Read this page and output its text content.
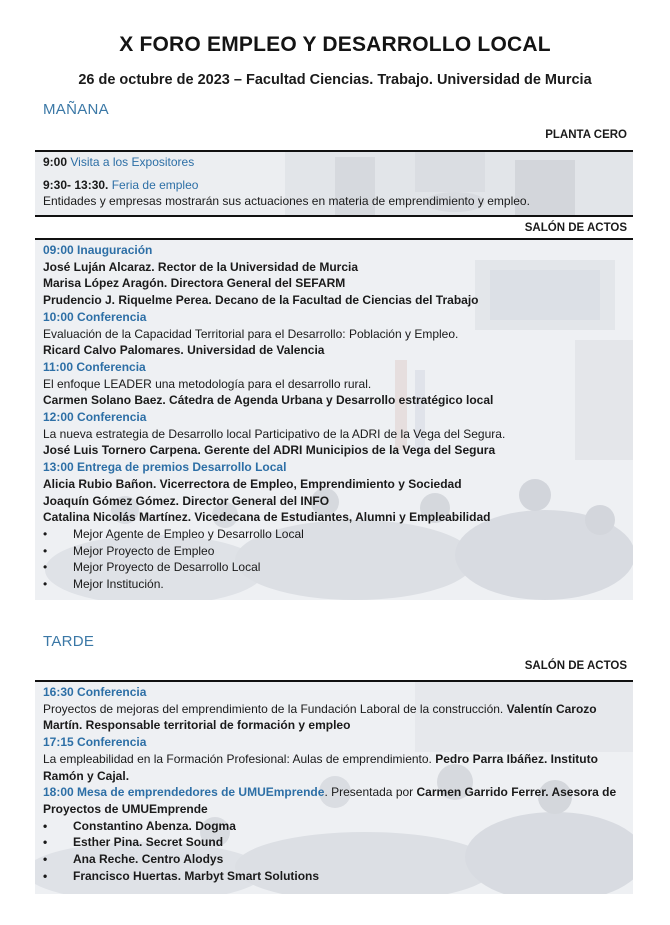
X FORO EMPLEO Y DESARROLLO LOCAL
26 de octubre de 2023 – Facultad Ciencias. Trabajo. Universidad de Murcia
MAÑANA
PLANTA CERO
9:00 Visita a los Expositores
9:30- 13:30. Feria de empleo
Entidades y empresas mostrarán sus actuaciones en materia de emprendimiento y empleo.
SALÓN DE ACTOS
09:00 Inauguración
José Luján Alcaraz. Rector de la Universidad de Murcia
Marisa López Aragón. Directora General del SEFARM
Prudencio J. Riquelme Perea. Decano de la Facultad de Ciencias del Trabajo
10:00 Conferencia
Evaluación de la Capacidad Territorial para el Desarrollo: Población y Empleo.
Ricard Calvo Palomares. Universidad de Valencia
11:00 Conferencia
El enfoque LEADER una metodología para el desarrollo rural.
Carmen Solano Baez. Cátedra de Agenda Urbana y Desarrollo estratégico local
12:00 Conferencia
La nueva estrategia de Desarrollo local Participativo de la ADRI de la Vega del Segura.
José Luis Tornero Carpena. Gerente del ADRI Municipios de la Vega del Segura
13:00 Entrega de premios Desarrollo Local
Alicia Rubio Bañon. Vicerrectora de Empleo, Emprendimiento y Sociedad
Joaquín Gómez Gómez. Director General del INFO
Catalina Nicolás Martínez. Vicedecana de Estudiantes, Alumni y Empleabilidad
• Mejor Agente de Empleo y Desarrollo Local
• Mejor Proyecto de Empleo
• Mejor Proyecto de Desarrollo Local
• Mejor Institución.
TARDE
SALÓN DE ACTOS
16:30 Conferencia
Proyectos de mejoras del emprendimiento de la Fundación Laboral de la construcción. Valentín Carozo Martín. Responsable territorial de formación y empleo
17:15 Conferencia
La empleabilidad en la Formación Profesional: Aulas de emprendimiento. Pedro Parra Ibáñez. Instituto Ramón y Cajal.
18:00 Mesa de emprendedores de UMUEmprende. Presentada por Carmen Garrido Ferrer. Asesora de Proyectos de UMUEmprende
• Constantino Abenza. Dogma
• Esther Pina. Secret Sound
• Ana Reche. Centro Alodys
• Francisco Huertas. Marbyt Smart Solutions
